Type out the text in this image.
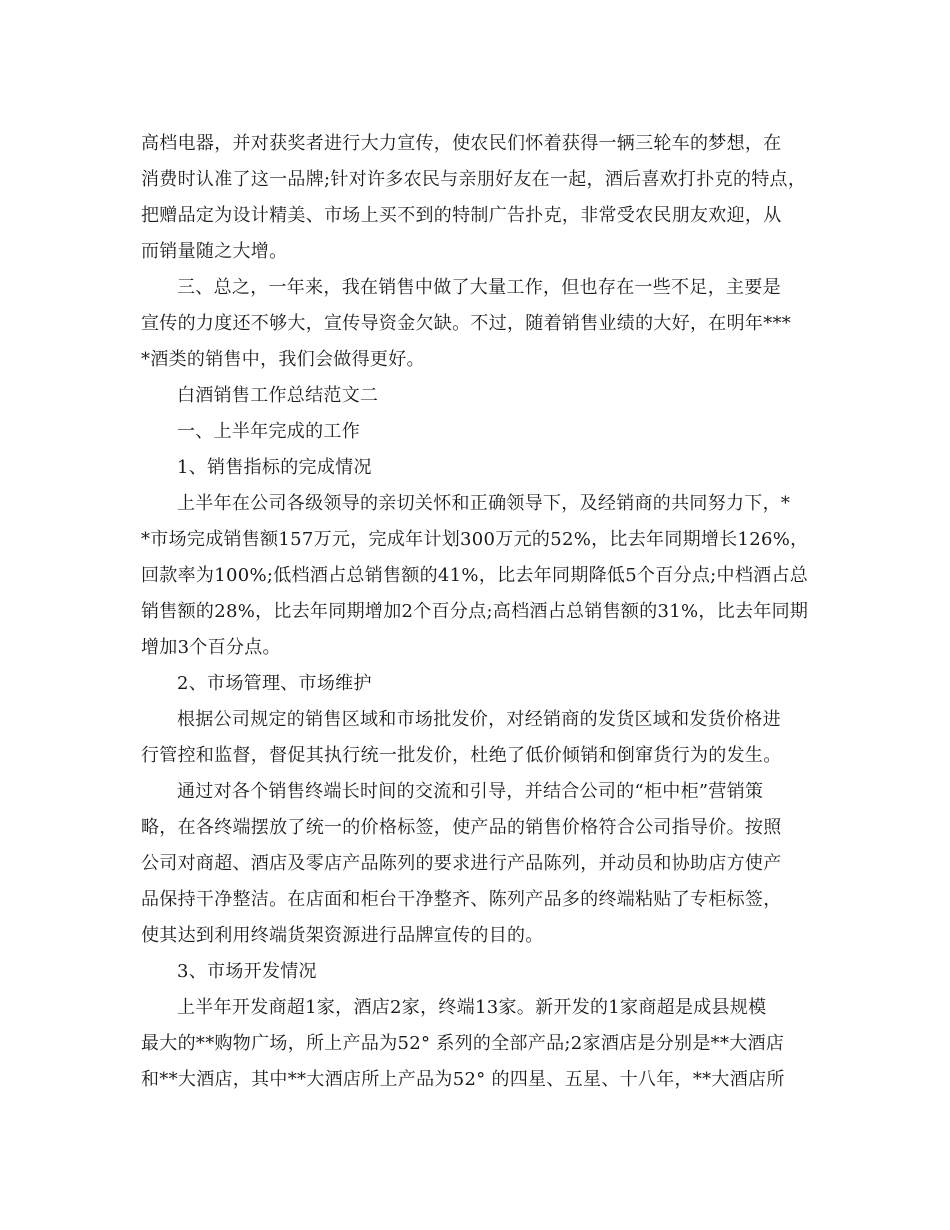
高档电器，并对获奖者进行大力宣传，使农民们怀着获得一辆三轮车的梦想，在
消费时认准了这一品牌;针对许多农民与亲朋好友在一起，酒后喜欢打扑克的特点，
把赠品定为设计精美、市场上买不到的特制广告扑克，非常受农民朋友欢迎，从
而销量随之大增。
三、总之，一年来，我在销售中做了大量工作，但也存在一些不足，主要是
宣传的力度还不够大，宣传导资金欠缺。不过，随着销售业绩的大好，在明年***
*酒类的销售中，我们会做得更好。
白酒销售工作总结范文二
一、上半年完成的工作
1、销售指标的完成情况
上半年在公司各级领导的亲切关怀和正确领导下，及经销商的共同努力下，*
*市场完成销售额157万元，完成年计划300万元的52%，比去年同期增长126%，
回款率为100%;低档酒占总销售额的41%，比去年同期降低5个百分点;中档酒占总
销售额的28%，比去年同期增加2个百分点;高档酒占总销售额的31%，比去年同期
增加3个百分点。
2、市场管理、市场维护
根据公司规定的销售区域和市场批发价，对经销商的发货区域和发货价格进
行管控和监督，督促其执行统一批发价，杜绝了低价倾销和倒窜货行为的发生。
通过对各个销售终端长时间的交流和引导，并结合公司的“柜中柜”营销策
略，在各终端摆放了统一的价格标签，使产品的销售价格符合公司指导价。按照
公司对商超、酒店及零店产品陈列的要求进行产品陈列，并动员和协助店方使产
品保持干净整洁。在店面和柜台干净整齐、陈列产品多的终端粘贴了专柜标签，
使其达到利用终端货架资源进行品牌宣传的目的。
3、市场开发情况
上半年开发商超1家，酒店2家，终端13家。新开发的1家商超是成县规模
最大的**购物广场，所上产品为52° 系列的全部产品;2家酒店是分别是**大酒店
和**大酒店，其中**大酒店所上产品为52° 的四星、五星、十八年，**大酒店所
